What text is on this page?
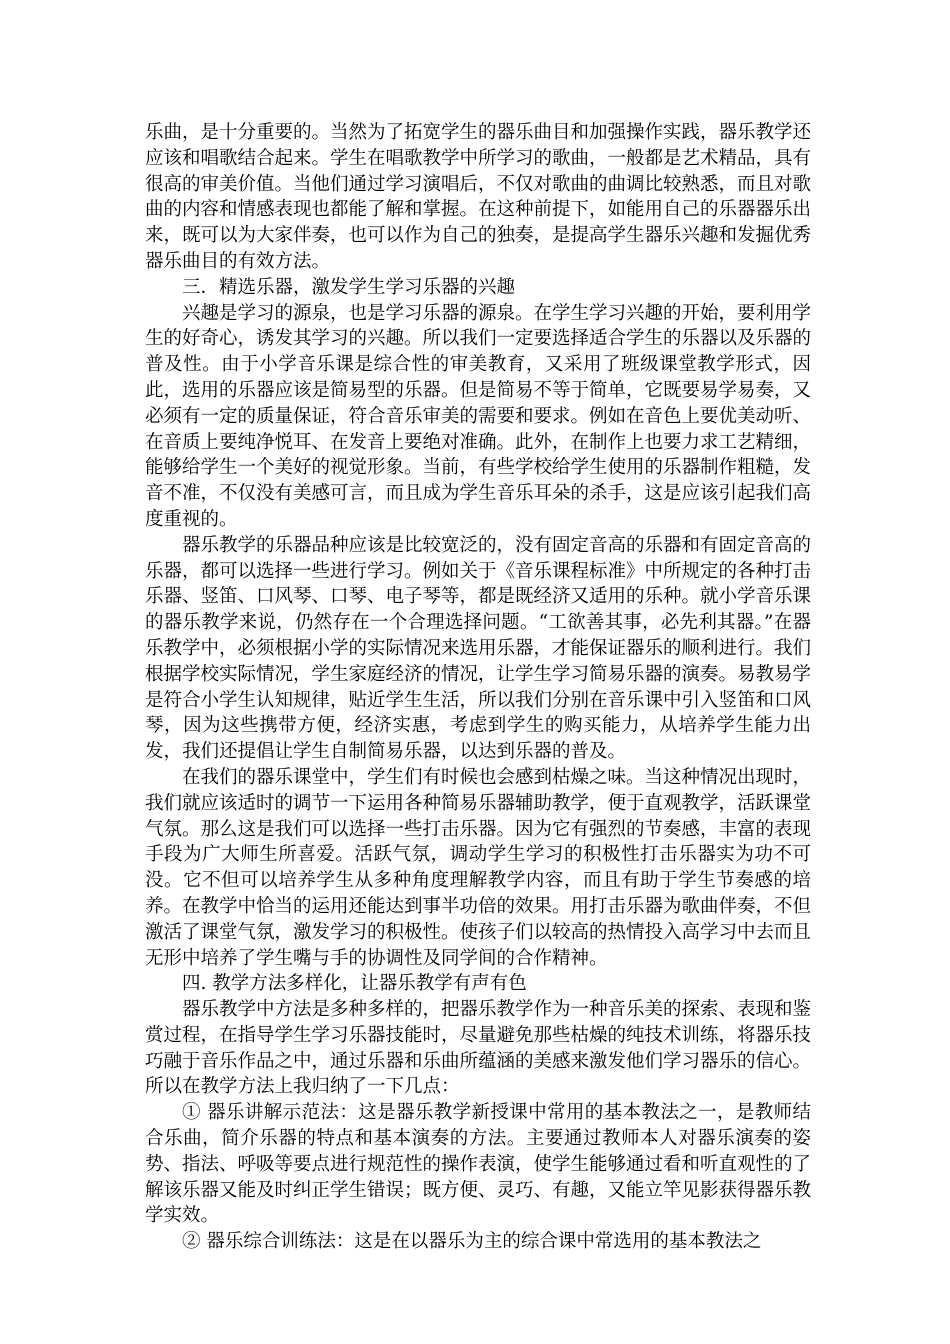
乐曲，是十分重要的。当然为了拓宽学生的器乐曲目和加强操作实践，器乐教学还应该和唱歌结合起来。学生在唱歌教学中所学习的歌曲，一般都是艺术精品，具有很高的审美价值。当他们通过学习演唱后，不仅对歌曲的曲调比较熟悉，而且对歌曲的内容和情感表现也都能了解和掌握。在这种前提下，如能用自己的乐器器乐出来，既可以为大家伴奏，也可以作为自己的独奏，是提高学生器乐兴趣和发掘优秀器乐曲目的有效方法。

三．精选乐器，激发学生学习乐器的兴趣

兴趣是学习的源泉，也是学习乐器的源泉。在学生学习兴趣的开始，要利用学生的好奇心，诱发其学习的兴趣。所以我们一定要选择适合学生的乐器以及乐器的普及性。由于小学音乐课是综合性的审美教育，又采用了班级课堂教学形式，因此，选用的乐器应该是简易型的乐器。但是简易不等于简单，它既要易学易奏，又必须有一定的质量保证，符合音乐审美的需要和要求。例如在音色上要优美动听、在音质上要纯净悦耳、在发音上要绝对准确。此外，在制作上也要力求工艺精细，能够给学生一个美好的视觉形象。当前，有些学校给学生使用的乐器制作粗糙，发音不准，不仅没有美感可言，而且成为学生音乐耳朵的杀手，这是应该引起我们高度重视的。

器乐教学的乐器品种应该是比较宽泛的，没有固定音高的乐器和有固定音高的乐器，都可以选择一些进行学习。例如关于《音乐课程标准》中所规定的各种打击乐器、竖笛、口风琴、口琴、电子琴等，都是既经济又适用的乐种。就小学音乐课的器乐教学来说，仍然存在一个合理选择问题。“工欲善其事，必先利其器。”在器乐教学中，必须根据小学的实际情况来选用乐器，才能保证器乐的顺利进行。我们根据学校实际情况，学生家庭经济的情况，让学生学习简易乐器的演奏。易教易学是符合小学生认知规律，贴近学生生活，所以我们分别在音乐课中引入竖笛和口风琴，因为这些携带方便，经济实惠，考虑到学生的购买能力，从培养学生能力出发，我们还提倡让学生自制简易乐器，以达到乐器的普及。

在我们的器乐课堂中，学生们有时候也会感到枯燥之味。当这种情况出现时，我们就应该适时的调节一下运用各种简易乐器辅助教学，便于直观教学，活跃课堂气氛。那么这是我们可以选择一些打击乐器。因为它有强烈的节奏感，丰富的表现手段为广大师生所喜爱。活跃气氛，调动学生学习的积极性打击乐器实为功不可没。它不但可以培养学生从多种角度理解教学内容，而且有助于学生节奏感的培养。在教学中恰当的运用还能达到事半功倍的效果。用打击乐器为歌曲伴奏，不但激活了课堂气氛，激发学习的积极性。使孩子们以较高的热情投入高学习中去而且无形中培养了学生嘴与手的协调性及同学间的合作精神。

四. 教学方法多样化，让器乐教学有声有色

器乐教学中方法是多种多样的，把器乐教学作为一种音乐美的探索、表现和鉴赏过程，在指导学生学习乐器技能时，尽量避免那些枯燥的纯技术训练，将器乐技巧融于音乐作品之中，通过乐器和乐曲所蕴涵的美感来激发他们学习器乐的信心。所以在教学方法上我归纳了一下几点：

① 器乐讲解示范法：这是器乐教学新授课中常用的基本教法之一，是教师结合乐曲，简介乐器的特点和基本演奏的方法。主要通过教师本人对器乐演奏的姿势、指法、呼吸等要点进行规范性的操作表演，使学生能够通过看和听直观性的了解该乐器又能及时纠正学生错误；既方便、灵巧、有趣，又能立竿见影获得器乐教学实效。

② 器乐综合训练法：这是在以器乐为主的综合课中常选用的基本教法之
